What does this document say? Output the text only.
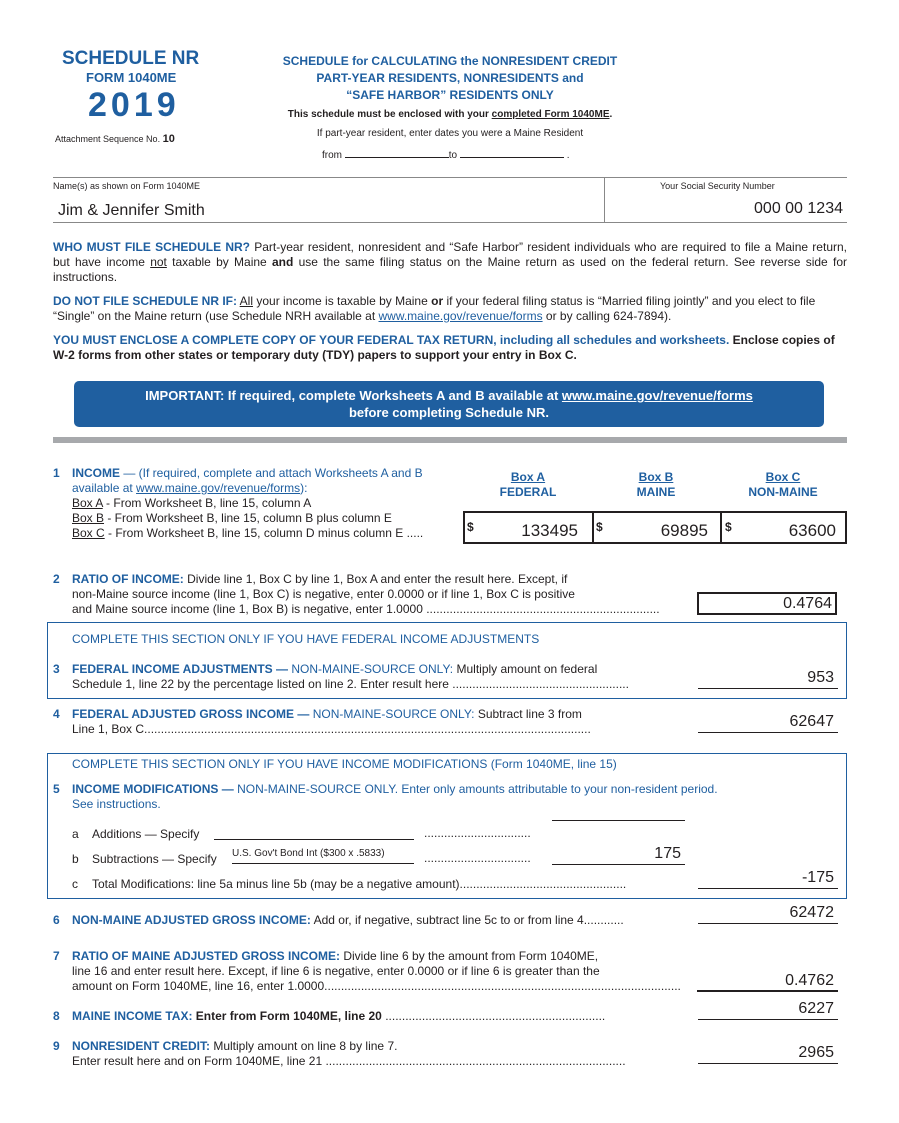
SCHEDULE NR
FORM 1040ME
2019
Attachment Sequence No. 10
SCHEDULE for CALCULATING the NONRESIDENT CREDIT
PART-YEAR RESIDENTS, NONRESIDENTS and
“SAFE HARBOR” RESIDENTS ONLY
This schedule must be enclosed with your completed Form 1040ME.
If part-year resident, enter dates you were a Maine Resident
from	to	.
Name(s) as shown on Form 1040ME
Jim & Jennifer Smith
Your Social Security Number
000 00 1234
WHO MUST FILE SCHEDULE NR? Part-year resident, nonresident and “Safe Harbor” resident individuals who are required to file a Maine return, but have income not taxable by Maine and use the same filing status on the Maine return as used on the federal return. See reverse side for instructions.
DO NOT FILE SCHEDULE NR IF: All your income is taxable by Maine or if your federal filing status is “Married filing jointly” and you elect to file “Single” on the Maine return (use Schedule NRH available at www.maine.gov/revenue/forms or by calling 624-7894).
YOU MUST ENCLOSE A COMPLETE COPY OF YOUR FEDERAL TAX RETURN, including all schedules and worksheets. Enclose copies of W-2 forms from other states or temporary duty (TDY) papers to support your entry in Box C.
IMPORTANT: If required, complete Worksheets A and B available at www.maine.gov/revenue/forms
before completing Schedule NR.
1 INCOME — (If required, complete and attach Worksheets A and B
available at www.maine.gov/revenue/forms):
Box A - From Worksheet B, line 15, column A
Box B - From Worksheet B, line 15, column B plus column E
Box C - From Worksheet B, line 15, column D minus column E .....
Box A
FEDERAL
Box B
MAINE
Box C
NON-MAINE
$	$	$
133495	69895	63600
2 RATIO OF INCOME: Divide line 1, Box C by line 1, Box A and enter the result here. Except, if
non-Maine source income (line 1, Box C) is negative, enter 0.0000 or if line 1, Box C is positive
and Maine source income (line 1, Box B) is negative, enter 1.0000 ......................................................................	0.4764
COMPLETE THIS SECTION ONLY IF YOU HAVE FEDERAL INCOME ADJUSTMENTS
3 FEDERAL INCOME ADJUSTMENTS — NON-MAINE-SOURCE ONLY: Multiply amount on federal
Schedule 1, line 22 by the percentage listed on line 2. Enter result here .....................................................	953
4 FEDERAL ADJUSTED GROSS INCOME — NON-MAINE-SOURCE ONLY: Subtract line 3 from
Line 1, Box C......................................................................................................................................	62647
COMPLETE THIS SECTION ONLY IF YOU HAVE INCOME MODIFICATIONS (Form 1040ME, line 15)
5 INCOME MODIFICATIONS — NON-MAINE-SOURCE ONLY. Enter only amounts attributable to your non-resident period.
See instructions.
a Additions — Specify	................................
b Subtractions — Specify U.S. Gov't Bond Int ($300 x .5833)	................................	175
c Total Modifications: line 5a minus line 5b (may be a negative amount)..................................................	-175
6 NON-MAINE ADJUSTED GROSS INCOME: Add or, if negative, subtract line 5c to or from line 4............	62472
7 RATIO OF MAINE ADJUSTED GROSS INCOME: Divide line 6 by the amount from Form 1040ME,
line 16 and enter result here. Except, if line 6 is negative, enter 0.0000 or if line 6 is greater than the
amount on Form 1040ME, line 16, enter 1.0000...........................................................................................................	0.4762
8 MAINE INCOME TAX: Enter from Form 1040ME, line 20 ..................................................................	6227
9 NONRESIDENT CREDIT: Multiply amount on line 8 by line 7.
Enter result here and on Form 1040ME, line 21 ..........................................................................................	2965
